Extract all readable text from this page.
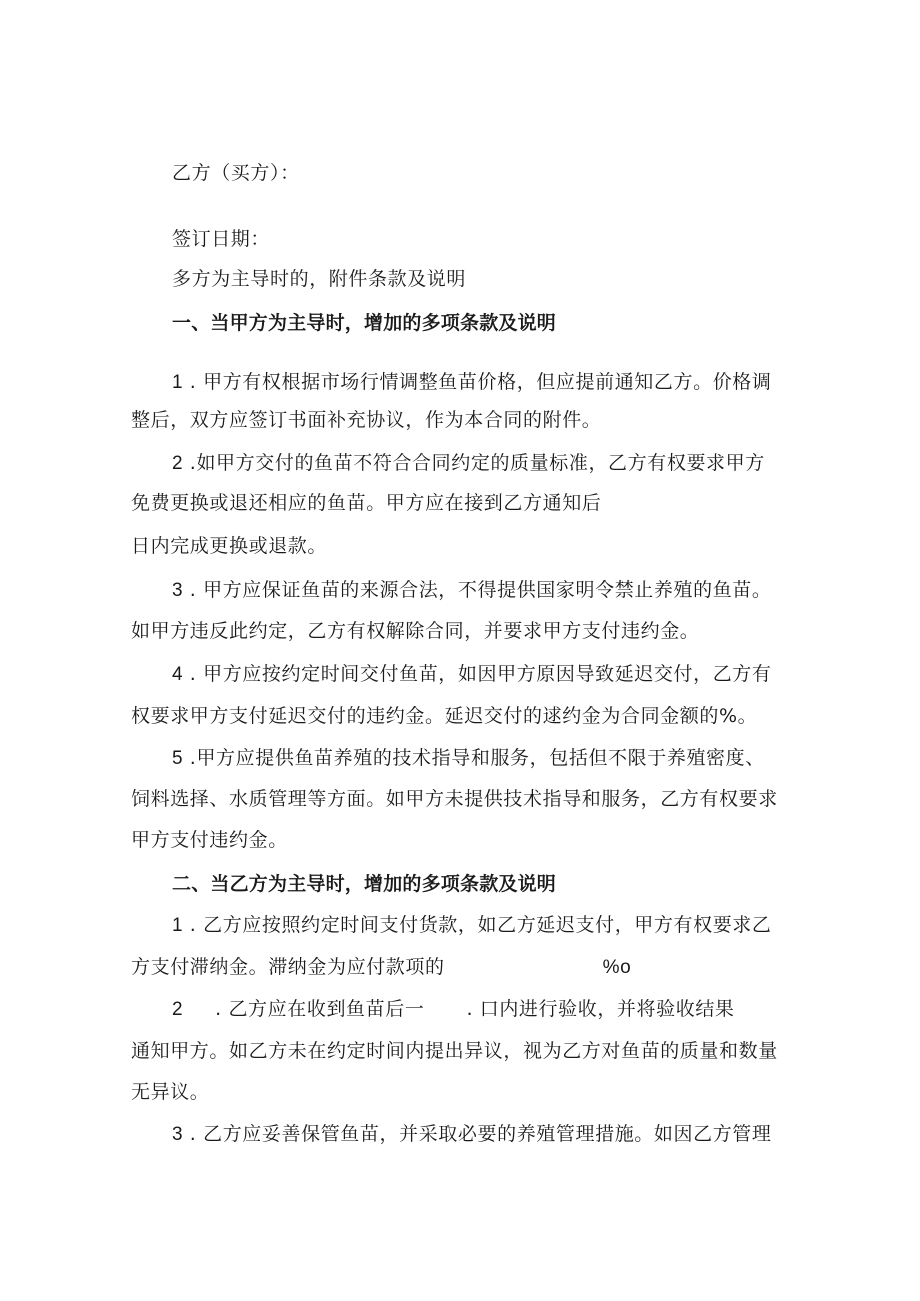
乙方（买方）：
签订日期：
多方为主导时的，附件条款及说明
一、当甲方为主导时，增加的多项条款及说明
1 . 甲方有权根据市场行情调整鱼苗价格，但应提前通知乙方。价格调
整后，双方应签订书面补充协议，作为本合同的附件。
2 .如甲方交付的鱼苗不符合合同约定的质量标准，乙方有权要求甲方
免费更换或退还相应的鱼苗。甲方应在接到乙方通知后
日内完成更换或退款。
3 . 甲方应保证鱼苗的来源合法，不得提供国家明令禁止养殖的鱼苗。
如甲方违反此约定，乙方有权解除合同，并要求甲方支付违约金。
4 . 甲方应按约定时间交付鱼苗，如因甲方原因导致延迟交付，乙方有
权要求甲方支付延迟交付的违约金。延迟交付的逑约金为合同金额的%。
5 .甲方应提供鱼苗养殖的技术指导和服务，包括但不限于养殖密度、
饲料选择、水质管理等方面。如甲方未提供技术指导和服务，乙方有权要求
甲方支付违约金。
二、当乙方为主导时，增加的多项条款及说明
1 . 乙方应按照约定时间支付货款，如乙方延迟支付，甲方有权要求乙
方支付滞纳金。滞纳金为应付款项的	%o
2 . 乙方应在收到鱼苗后一 . 口内进行验收，并将验收结果
通知甲方。如乙方未在约定时间内提出异议，视为乙方对鱼苗的质量和数量
无异议。
3 . 乙方应妥善保管鱼苗，并采取必要的养殖管理措施。如因乙方管理
